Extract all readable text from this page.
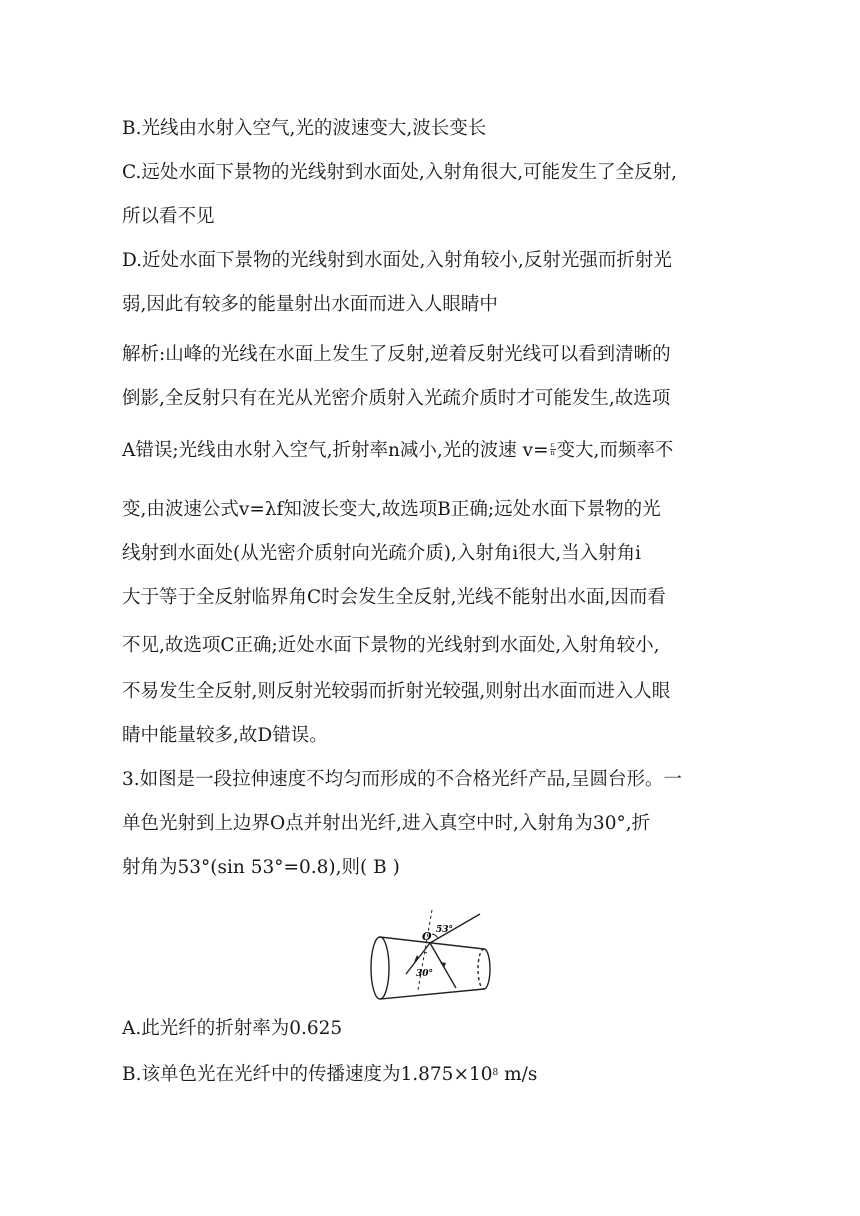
B.光线由水射入空气,光的波速变大,波长变长
C.远处水面下景物的光线射到水面处,入射角很大,可能发生了全反射,
所以看不见
D.近处水面下景物的光线射到水面处,入射角较小,反射光强而折射光
弱,因此有较多的能量射出水面而进入人眼睛中
解析:山峰的光线在水面上发生了反射,逆着反射光线可以看到清晰的
倒影,全反射只有在光从光密介质射入光疏介质时才可能发生,故选项
A错误;光线由水射入空气,折射率n减小,光的波速 $v= \frac{c}{n}$ 变大,而频率不
变,由波速公式v=λf知波长变大,故选项B正确;远处水面下景物的光
线射到水面处(从光密介质射向光疏介质),入射角i很大,当入射角i
大于等于全反射临界角C时会发生全反射,光线不能射出水面,因而看
不见,故选项C正确;近处水面下景物的光线射到水面处,入射角较小,
不易发生全反射,则反射光较弱而折射光较强,则射出水面而进入人眼
睛中能量较多,故D错误。
3.如图是一段拉伸速度不均匀而形成的不合格光纤产品,呈圆台形。一
单色光射到上边界O点并射出光纤,进入真空中时,入射角为30°,折
射角为53°(sin 53°=0.8),则( B )
O 53°
30°
A.此光纤的折射率为0.625
B.该单色光在光纤中的传播速度为$1.875\times 10^8$ m/s
